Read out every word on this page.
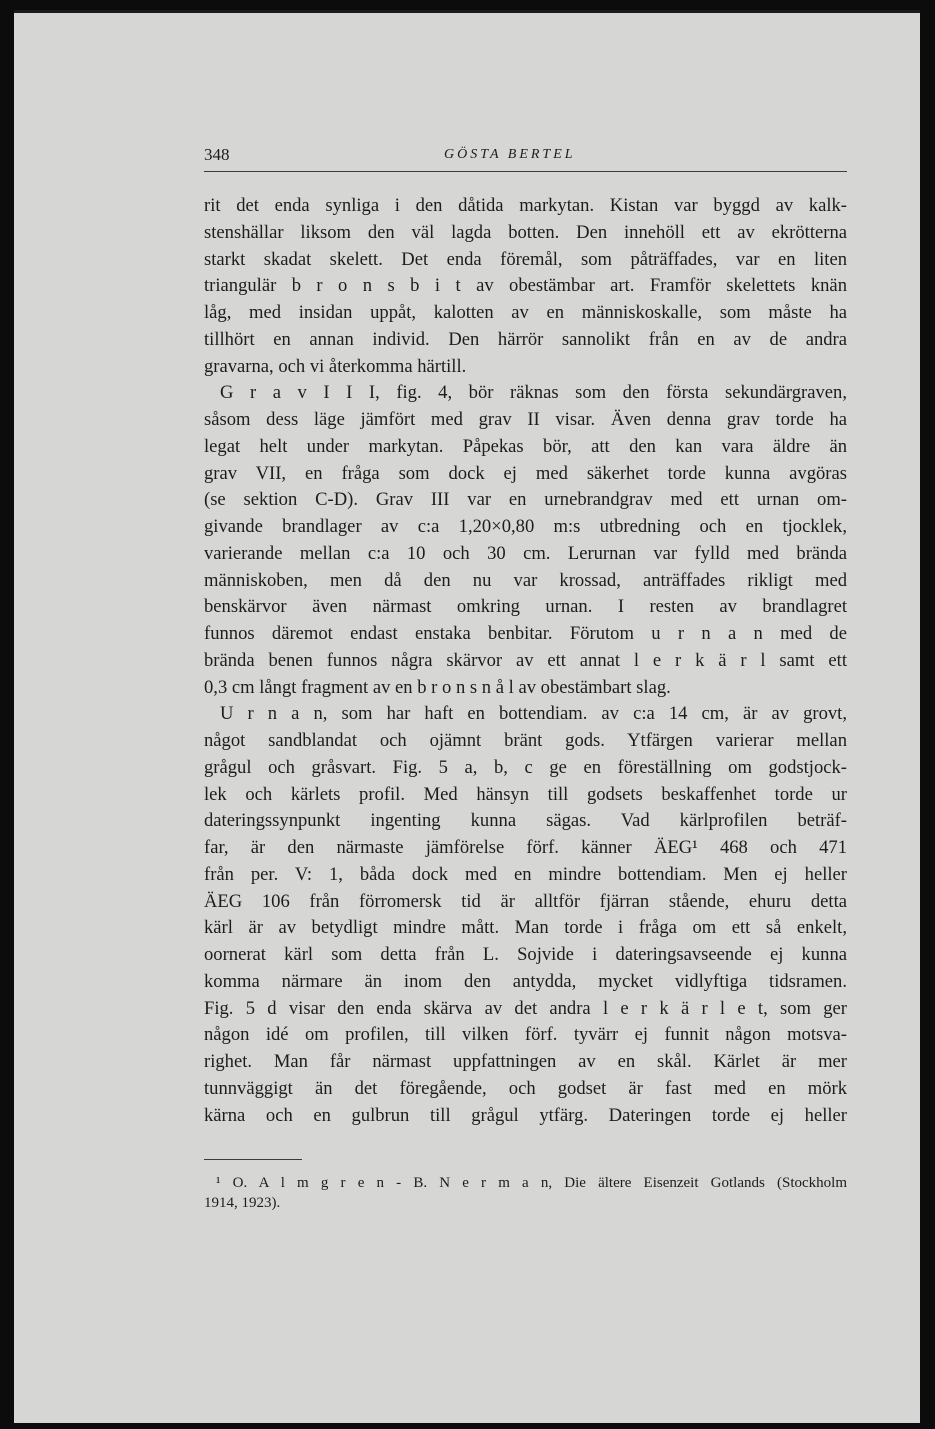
348	GÖSTA BERTEL
rit det enda synliga i den dåtida markytan. Kistan var byggd av kalk-
stenshällar liksom den väl lagda botten. Den innehöll ett av ekrötterna
starkt skadat skelett. Det enda föremål, som påträffades, var en liten
triangulär b r o n s b i t av obestämbar art. Framför skelettets knän
låg, med insidan uppåt, kalotten av en människoskalle, som måste ha
tillhört en annan individ. Den härrör sannolikt från en av de andra
gravarna, och vi återkomma härtill.
G r a v I I I, fig. 4, bör räknas som den första sekundärgraven,
såsom dess läge jämfört med grav II visar. Även denna grav torde ha
legat helt under markytan. Påpekas bör, att den kan vara äldre än
grav VII, en fråga som dock ej med säkerhet torde kunna avgöras
(se sektion C-D). Grav III var en urnebrandgrav med ett urnan om-
givande brandlager av c:a 1,20×0,80 m:s utbredning och en tjocklek,
varierande mellan c:a 10 och 30 cm. Lerurnan var fylld med brända
människoben, men då den nu var krossad, anträffades rikligt med
benskärvor även närmast omkring urnan. I resten av brandlagret
funnos däremot endast enstaka benbitar. Förutom u r n a n med de
brända benen funnos några skärvor av ett annat l e r k ä r l samt ett
0,3 cm långt fragment av en b r o n s n å l av obestämbart slag.
U r n a n, som har haft en bottendiam. av c:a 14 cm, är av grovt,
något sandblandat och ojämnt bränt gods. Ytfärgen varierar mellan
grågul och gråsvart. Fig. 5 a, b, c ge en föreställning om godstjock-
lek och kärlets profil. Med hänsyn till godsets beskaffenhet torde ur
dateringssynpunkt ingenting kunna sägas. Vad kärlprofilen beträf-
far, är den närmaste jämförelse förf. känner ÄEG¹ 468 och 471
från per. V: 1, båda dock med en mindre bottendiam. Men ej heller
ÄEG 106 från förromersk tid är alltför fjärran stående, ehuru detta
kärl är av betydligt mindre mått. Man torde i fråga om ett så enkelt,
oornerat kärl som detta från L. Sojvide i dateringsavseende ej kunna
komma närmare än inom den antydda, mycket vidlyftiga tidsramen.
Fig. 5 d visar den enda skärva av det andra l e r k ä r l e t, som ger
någon idé om profilen, till vilken förf. tyvärr ej funnit någon motsva-
righet. Man får närmast uppfattningen av en skål. Kärlet är mer
tunnväggigt än det föregående, och godset är fast med en mörk
kärna och en gulbrun till grågul ytfärg. Dateringen torde ej heller
¹ O. A l m g r e n - B. N e r m a n, Die ältere Eisenzeit Gotlands (Stockholm
1914, 1923).
